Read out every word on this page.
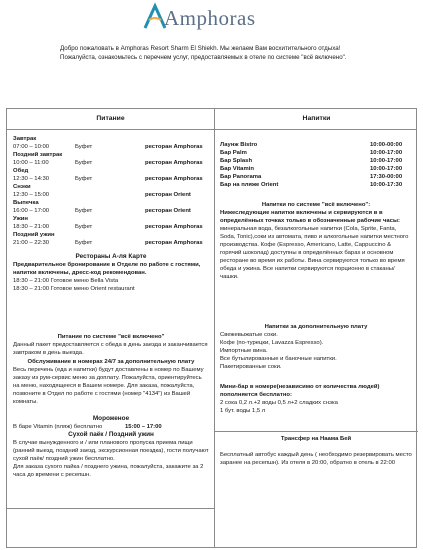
Amphoras
Добро пожаловать в Amphoras Resort Sharm El Shiekh. Мы желаем Вам восхитительного отдыха!
Пожалуйста, ознакомьтесь с перечнем услуг, предоставляемых в отеле по системе "всё включено".
Питание
Завтрак
07:00 – 10:00	Буфет	ресторан Amphoras
Поздний завтрак
10:00 – 11:00	Буфет	ресторан Amphoras
Обед
12:30 – 14:30	Буфет	ресторан Amphoras
Снэки
12:30 – 15:00	ресторан Orient
Выпечка
16:00 – 17:00	Буфет	ресторан Orient
Ужин
18:30 – 21:00	Буфет	ресторан Amphoras
Поздний ужин
21:00 – 22:30	Буфет	ресторан Amphoras
Рестораны А-ля Карте
Предварительное бронирование в Отделе по работе с гостями, напитки включены, дресс-код рекомендован.
18:30 – 21:00 Готовое меню Bella Vista
18:30 – 21:00 Готовое меню Orient restaurant
Питание по системе "всё включено"
Данный пакет предоставляется с обеда в день заезда и заканчивается завтраком в день выезда.
Обслуживание в номерах 24/7 за дополнительную плату
Весь перечень (еда и напитки) будут доставлены в номер по Вашему заказу из рум-сервис меню за доплату. Пожалуйста, ориентируйтесь на меню, находящееся в Вашем номере. Для заказа, пожалуйста, позвоните в Отдел по работе с гостями (номер "4134") из Вашей комнаты.
Мороженое
В баре Vitamin (пляж) бесплатно	15:00 – 17:00
Сухой паёк / Поздний ужин
В случае вынужденного и / или планового пропуска приема пищи (ранний выезд, поздний заезд, экскурсионная поездка), гости получают сухой паёк/ поздний ужин бесплатно.
Для заказа сухого пайка / позднего ужина, пожалуйста, закажите за 2 часа до времени с ресепшн.
Напитки
Лаунж Bistro	10:00-00:00
Бар Palm	10:00-17:00
Бар Splash	10:00-17:00
Бар Vitamin	10:00-17:00
Бар Panorama	17:30-00:00
Бар на пляже Orient	10:00-17:30
Напитки по системе "всё включено":
Нижеследующие напитки включены и сервируются в в определённых точках только в обозначенные рабочие часы: минеральная вода, безалкогольные напитки (Cola, Sprite, Fanta, Soda, Tonic),соки из автомата, пиво и алкогольные напитки местного производства. Кофе (Espresso, Americano, Latte, Cappuccino & горячий шоколад) доступны в определённых барах и основном ресторане во время их работы. Вина сервируются только во время обеда и ужина. Все напитки сервируются порционно в стаканы/чашки.
Напитки за дополнительную плату
Свежевыжатые соки.
Кофе (по-турецки, Lavazza Espresso).
Импортные вина.
Все бутылированные и баночные напитки.
Пакетированные соки.
Мини-бар в номере(независимо от количества людей) пополняется бесплатно:
2 сока 0,2 л.+2 воды 0,5 л+2 сладких снэка
1 бут. воды 1,5 л
Трансфер на Наама Бей
Бесплатный автобус каждый день ( необходимо резервировать место заранее на ресепшн). Из отеля в 20:00, обратно в отель в 22:00
